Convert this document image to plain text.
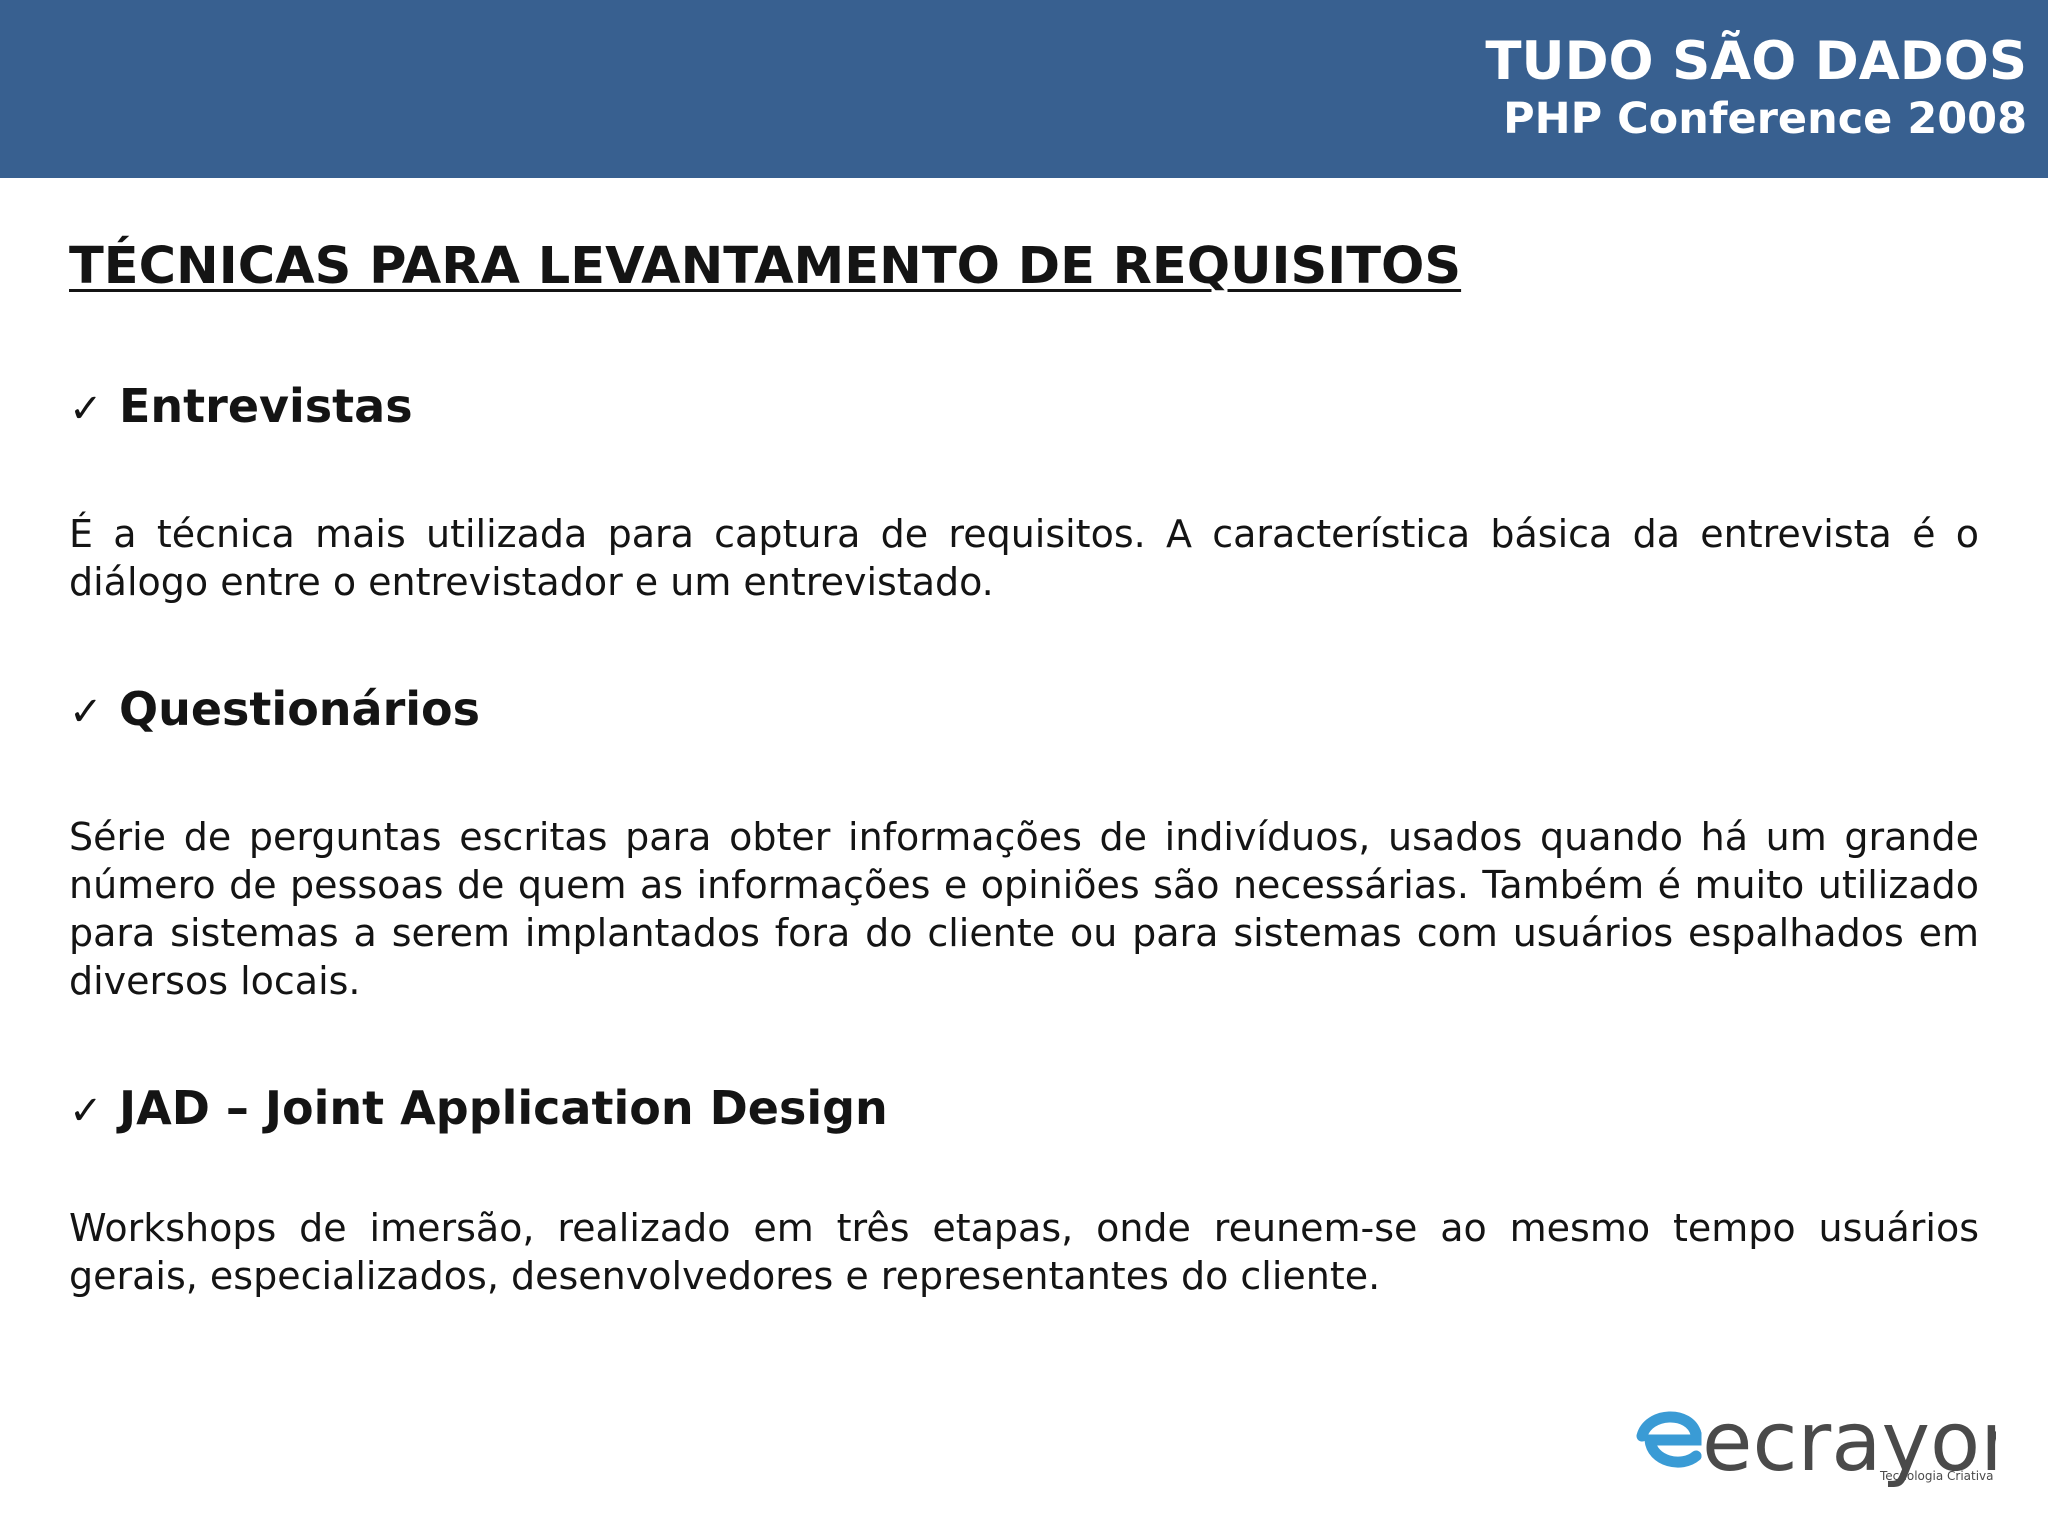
TUDO SÃO DADOS
PHP Conference 2008
TÉCNICAS PARA LEVANTAMENTO DE REQUISITOS
✓ Entrevistas

É a técnica mais utilizada para captura de requisitos. A característica básica da entrevista é o diálogo entre o entrevistador e um entrevistado.

✓ Questionários

Série de perguntas escritas para obter informações de indivíduos, usados quando há um grande número de pessoas de quem as informações e opiniões são necessárias. Também é muito utilizado para sistemas a serem implantados fora do cliente ou para sistemas com usuários espalhados em diversos locais.

✓ JAD – Joint Application Design

Workshops de imersão, realizado em três etapas, onde reunem-se ao mesmo tempo usuários gerais, especializados, desenvolvedores e representantes do cliente.

ecrayo
Tecnologia Criativa
